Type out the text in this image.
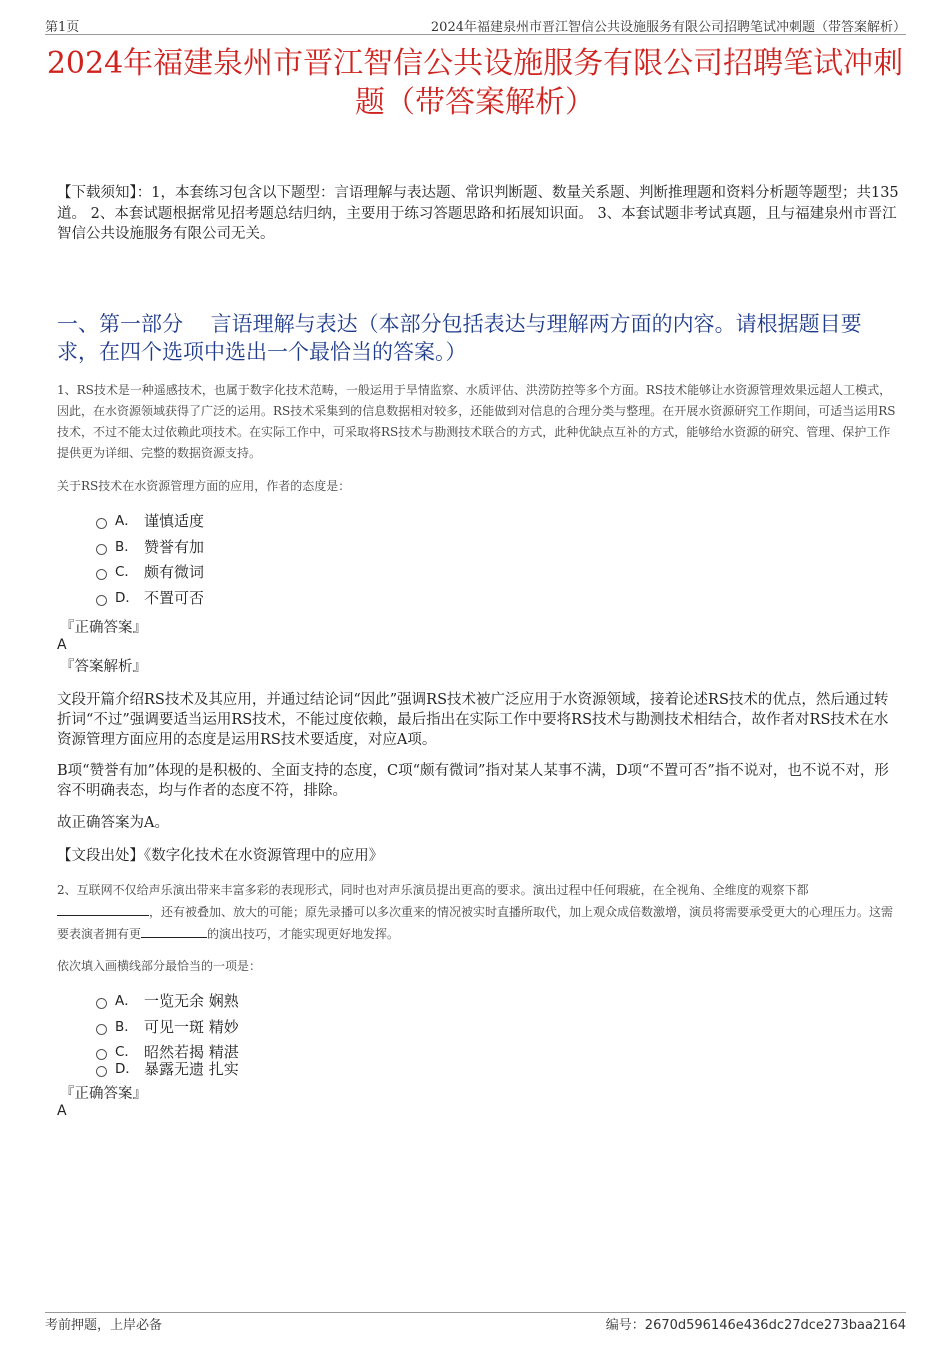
第1页	2024年福建泉州市晋江智信公共设施服务有限公司招聘笔试冲刺题（带答案解析）
2024年福建泉州市晋江智信公共设施服务有限公司招聘笔试冲刺题（带答案解析）
【下载须知】：1，本套练习包含以下题型：言语理解与表达题、常识判断题、数量关系题、判断推理题和资料分析题等题型；共135道。 2、本套试题根据常见招考题总结归纳，主要用于练习答题思路和拓展知识面。 3、本套试题非考试真题，且与福建泉州市晋江智信公共设施服务有限公司无关。
一、第一部分　 言语理解与表达（本部分包括表达与理解两方面的内容。请根据题目要求，在四个选项中选出一个最恰当的答案。）
1、RS技术是一种遥感技术，也属于数字化技术范畴，一般运用于旱情监察、水质评估、洪涝防控等多个方面。RS技术能够让水资源管理效果远超人工模式，因此，在水资源领域获得了广泛的运用。RS技术采集到的信息数据相对较多，还能做到对信息的合理分类与整理。在开展水资源研究工作期间，可适当运用RS技术，不过不能太过依赖此项技术。在实际工作中，可采取将RS技术与勘测技术联合的方式，此种优缺点互补的方式，能够给水资源的研究、管理、保护工作提供更为详细、完整的数据资源支持。
关于RS技术在水资源管理方面的应用，作者的态度是：
A． 谨慎适度
B． 赞誉有加
C． 颇有微词
D． 不置可否
『正确答案』
A
『答案解析』
文段开篇介绍RS技术及其应用，并通过结论词“因此”强调RS技术被广泛应用于水资源领域，接着论述RS技术的优点，然后通过转折词“不过”强调要适当运用RS技术，不能过度依赖，最后指出在实际工作中要将RS技术与勘测技术相结合，故作者对RS技术在水资源管理方面应用的态度是运用RS技术要适度，对应A项。
B项“赞誉有加”体现的是积极的、全面支持的态度，C项“颇有微词”指对某人某事不满，D项“不置可否”指不说对，也不说不对，形容不明确表态，均与作者的态度不符，排除。
故正确答案为A。
【文段出处】《数字化技术在水资源管理中的应用》
2、互联网不仅给声乐演出带来丰富多彩的表现形式，同时也对声乐演员提出更高的要求。演出过程中任何瑕疵，在全视角、全维度的观察下都
，还有被叠加、放大的可能；原先录播可以多次重来的情况被实时直播所取代，加上观众成倍数激增，演员将需要承受更大的心理压力。这需要表演者拥有更	的演出技巧，才能实现更好地发挥。
依次填入画横线部分最恰当的一项是：
A． 一览无余 娴熟
B． 可见一斑 精妙
C． 昭然若揭 精湛
D． 暴露无遗 扎实
『正确答案』
A
考前押题，上岸必备	编号：2670d596146e436dc27dce273baa2164
